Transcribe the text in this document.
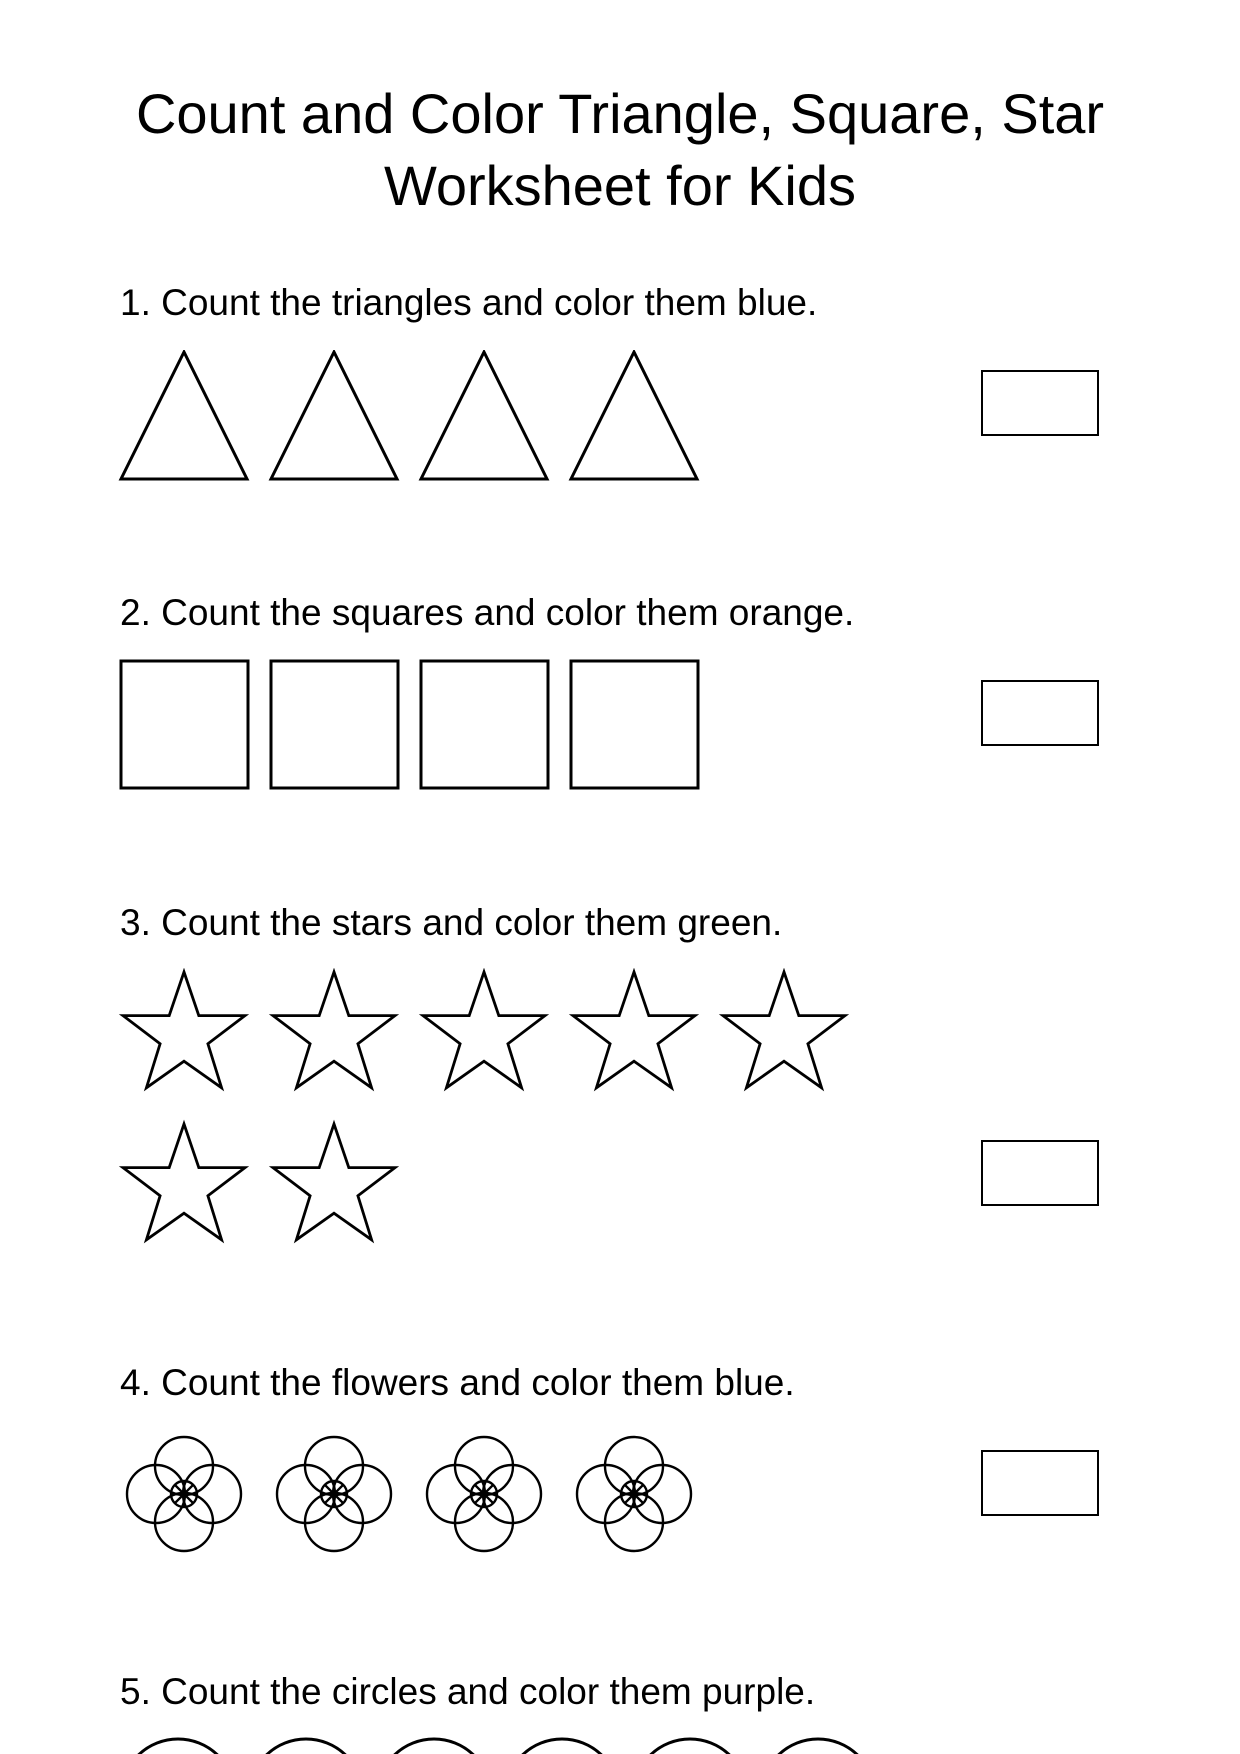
Count and Color Triangle, Square, Star
Worksheet for Kids

1. Count the triangles and color them blue.

2. Count the squares and color them orange.

3. Count the stars and color them green.

4. Count the flowers and color them blue.

5. Count the circles and color them purple.
